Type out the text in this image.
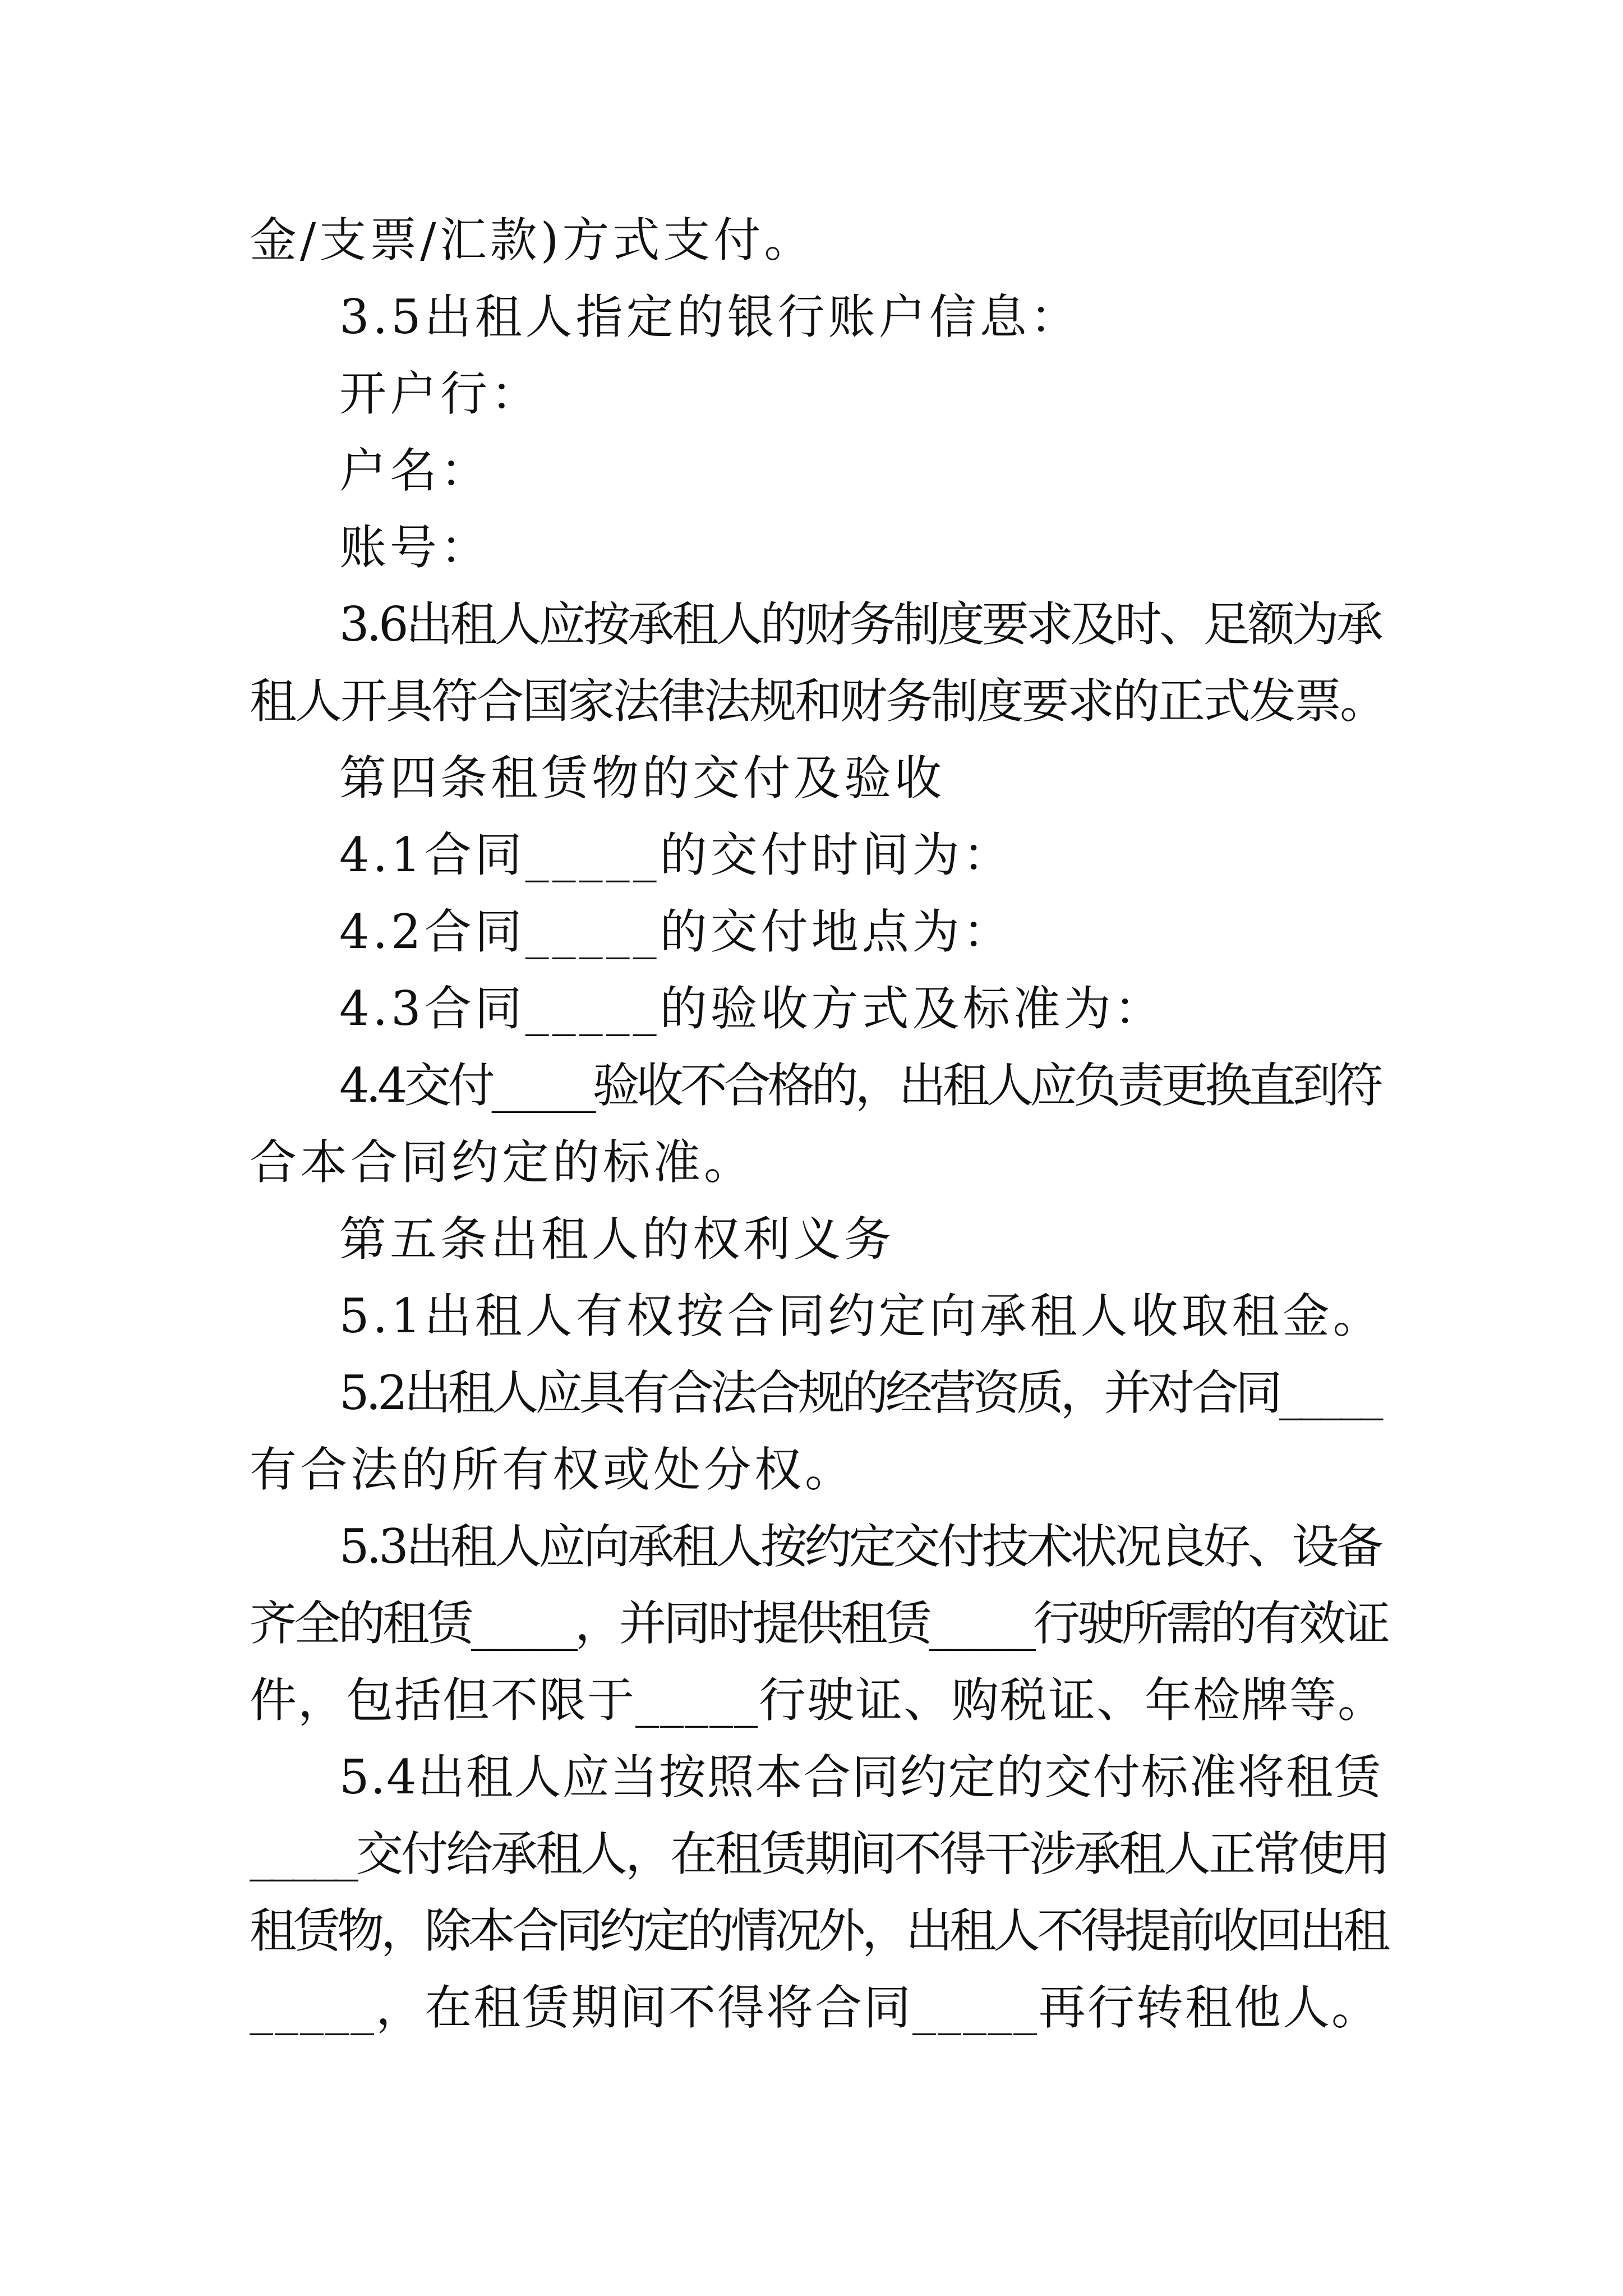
金/支票/汇款)方式支付。
3.5出租人指定的银行账户信息：
开户行：
户名：
账号：
3.6出租人应按承租人的财务制度要求及时、足额为承
租人开具符合国家法律法规和财务制度要求的正式发票。
第四条租赁物的交付及验收
4.1合同_____的交付时间为：
4.2合同_____的交付地点为：
4.3合同_____的验收方式及标准为：
4.4交付_____验收不合格的，出租人应负责更换直到符
合本合同约定的标准。
第五条出租人的权利义务
5.1出租人有权按合同约定向承租人收取租金。
5.2出租人应具有合法合规的经营资质，并对合同_____
有合法的所有权或处分权。
5.3出租人应向承租人按约定交付技术状况良好、设备
齐全的租赁_____，并同时提供租赁_____行驶所需的有效证
件，包括但不限于_____行驶证、购税证、年检牌等。
5.4出租人应当按照本合同约定的交付标准将租赁
_____交付给承租人，在租赁期间不得干涉承租人正常使用
租赁物，除本合同约定的情况外，出租人不得提前收回出租
_____，在租赁期间不得将合同_____再行转租他人。
